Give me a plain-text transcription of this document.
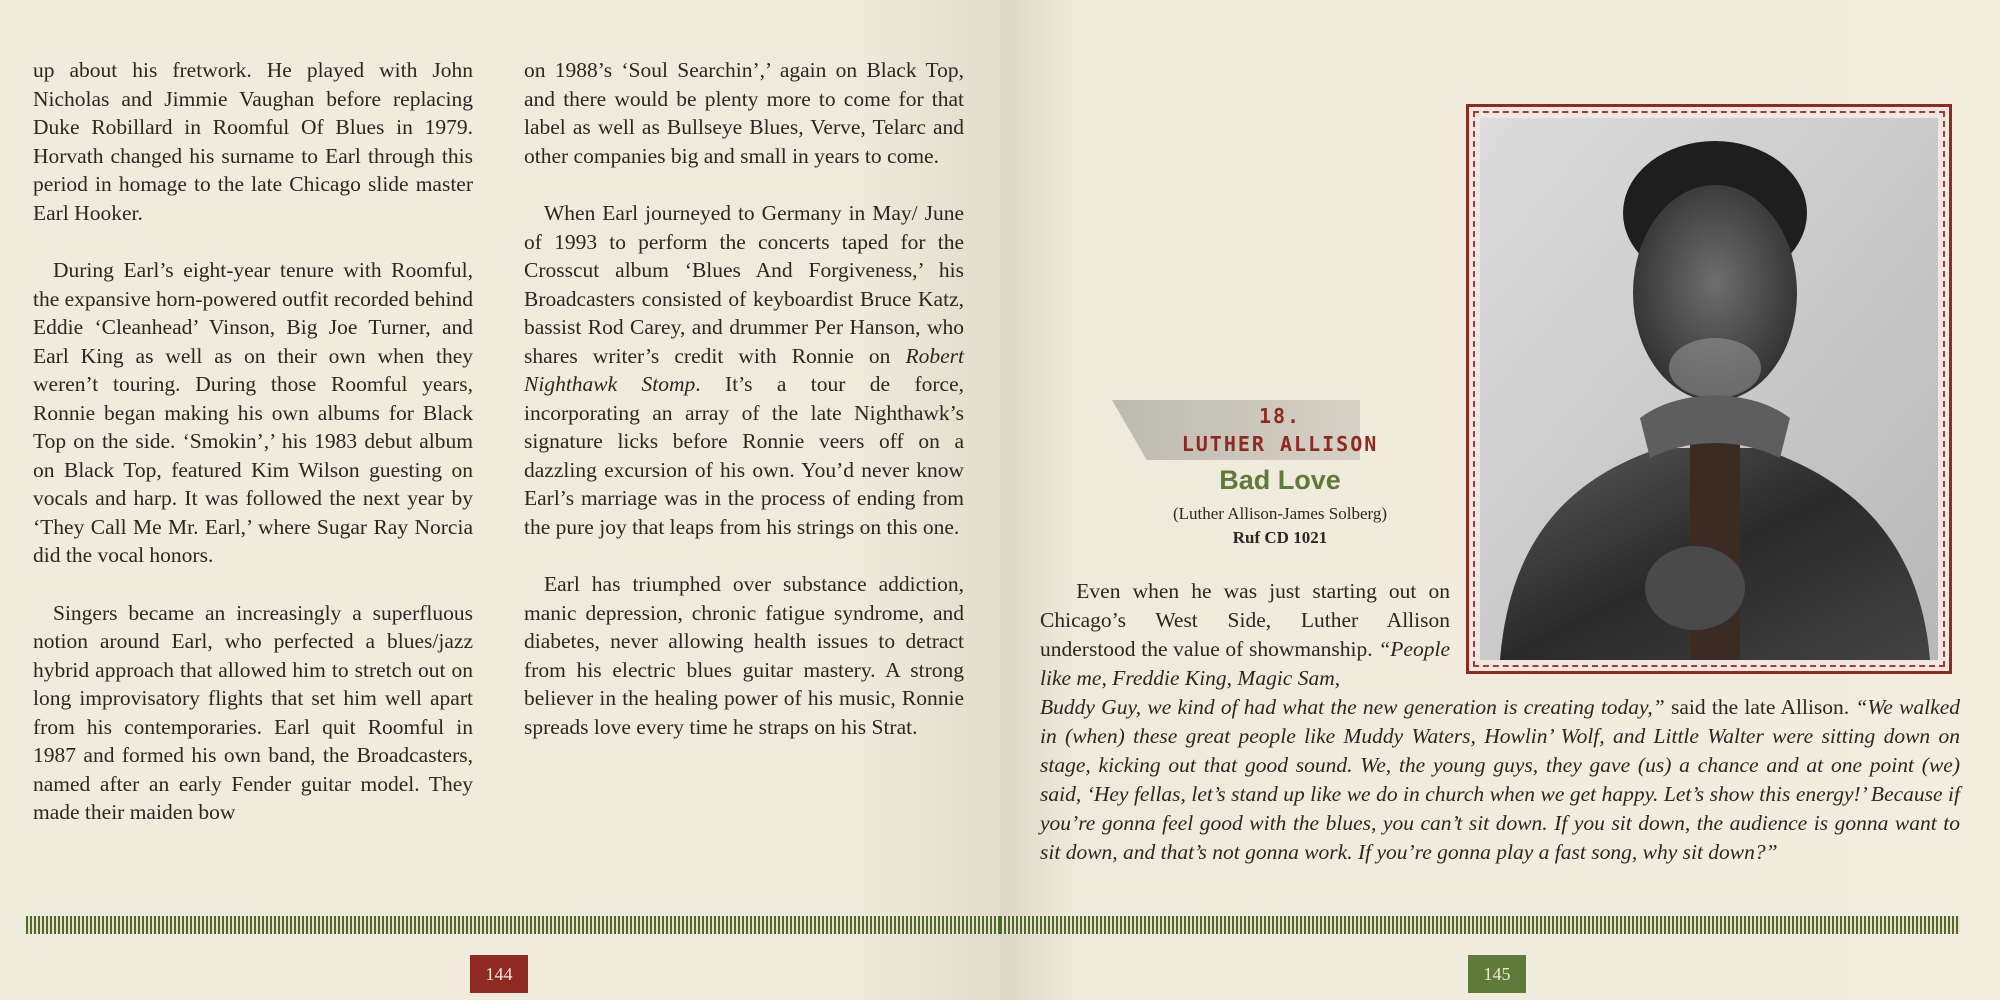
up about his fretwork. He played with John Nicholas and Jimmie Vaughan before replacing Duke Robillard in Roomful Of Blues in 1979. Horvath changed his surname to Earl through this period in homage to the late Chicago slide master Earl Hooker.

During Earl’s eight-year tenure with Roomful, the expansive horn-powered outfit recorded behind Eddie ‘Cleanhead’ Vinson, Big Joe Turner, and Earl King as well as on their own when they weren’t touring. During those Roomful years, Ronnie began making his own albums for Black Top on the side. ‘Smokin’,’ his 1983 debut album on Black Top, featured Kim Wilson guesting on vocals and harp. It was followed the next year by ‘They Call Me Mr. Earl,’ where Sugar Ray Norcia did the vocal honors.

Singers became an increasingly a superfluous notion around Earl, who perfected a blues/jazz hybrid approach that allowed him to stretch out on long improvisatory flights that set him well apart from his contemporaries. Earl quit Roomful in 1987 and formed his own band, the Broadcasters, named after an early Fender guitar model. They made their maiden bow

on 1988’s ‘Soul Searchin’,’ again on Black Top, and there would be plenty more to come for that label as well as Bullseye Blues, Verve, Telarc and other companies big and small in years to come.

When Earl journeyed to Germany in May/ June of 1993 to perform the concerts taped for the Crosscut album ‘Blues And Forgiveness,’ his Broadcasters consisted of keyboardist Bruce Katz, bassist Rod Carey, and drummer Per Hanson, who shares writer’s credit with Ronnie on Robert Nighthawk Stomp. It’s a tour de force, incorporating an array of the late Nighthawk’s signature licks before Ronnie veers off on a dazzling excursion of his own. You’d never know Earl’s marriage was in the process of ending from the pure joy that leaps from his strings on this one.

Earl has triumphed over substance addiction, manic depression, chronic fatigue syndrome, and diabetes, never allowing health issues to detract from his electric blues guitar mastery. A strong believer in the healing power of his music, Ronnie spreads love every time he straps on his Strat.

18.
LUTHER ALLISON
Bad Love
(Luther Allison-James Solberg)
Ruf CD 1021
Even when he was just starting out on Chicago’s West Side, Luther Allison understood the value of showmanship. “People like me, Freddie King, Magic Sam,
Buddy Guy, we kind of had what the new generation is creating today,” said the late Allison. “We walked in (when) these great people like Muddy Waters, Howlin’ Wolf, and Little Walter were sitting down on stage, kicking out that good sound. We, the young guys, they gave (us) a chance and at one point (we) said, ‘Hey fellas, let’s stand up like we do in church when we get happy. Let’s show this energy!’ Because if you’re gonna feel good with the blues, you can’t sit down. If you sit down, the audience is gonna want to sit down, and that’s not gonna work. If you’re gonna play a fast song, why sit down?”
144	145
